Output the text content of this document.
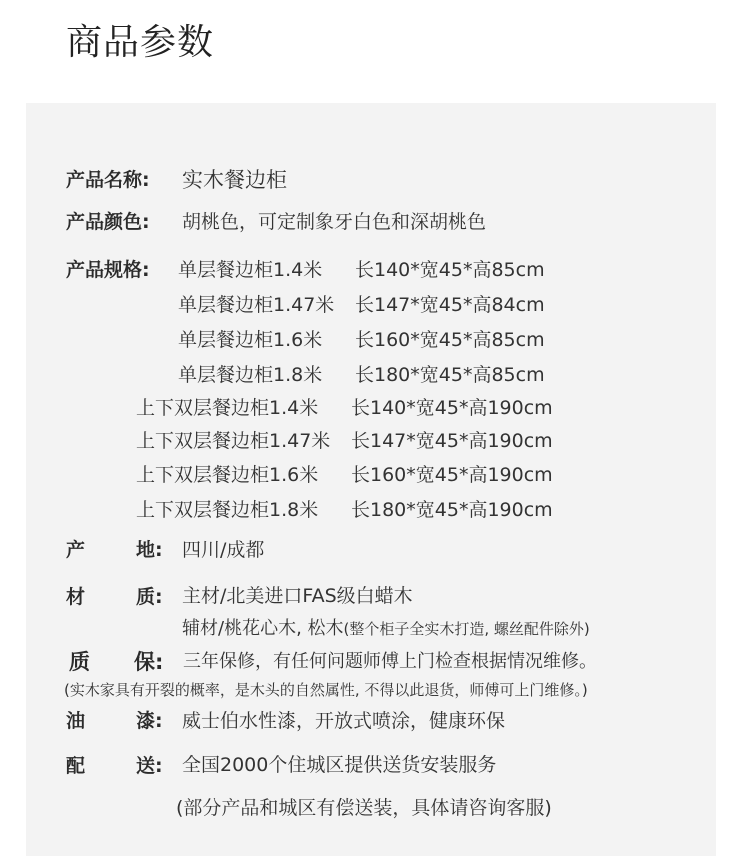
商品参数
产品名称: 实木餐边柜
产品颜色: 胡桃色，可定制象牙白色和深胡桃色
产品规格: 单层餐边柜1.4米 长140*宽45*高85cm
单层餐边柜1.47米 长147*宽45*高84cm
单层餐边柜1.6米 长160*宽45*高85cm
单层餐边柜1.8米 长180*宽45*高85cm
上下双层餐边柜1.4米 长140*宽45*高190cm
上下双层餐边柜1.47米 长147*宽45*高190cm
上下双层餐边柜1.6米 长160*宽45*高190cm
上下双层餐边柜1.8米 长180*宽45*高190cm
产	地: 四川/成都
材	质: 主材/北美进口FAS级白蜡木
辅材/桃花心木, 松木(整个柜子全实木打造, 螺丝配件除外)
质 保: 三年保修，有任何问题师傅上门检查根据情况维修。
(实木家具有开裂的概率，是木头的自然属性, 不得以此退货，师傅可上门维修。)
油	漆: 威士伯水性漆，开放式喷涂，健康环保
配	送: 全国2000个住城区提供送货安装服务
(部分产品和城区有偿送装，具体请咨询客服)
